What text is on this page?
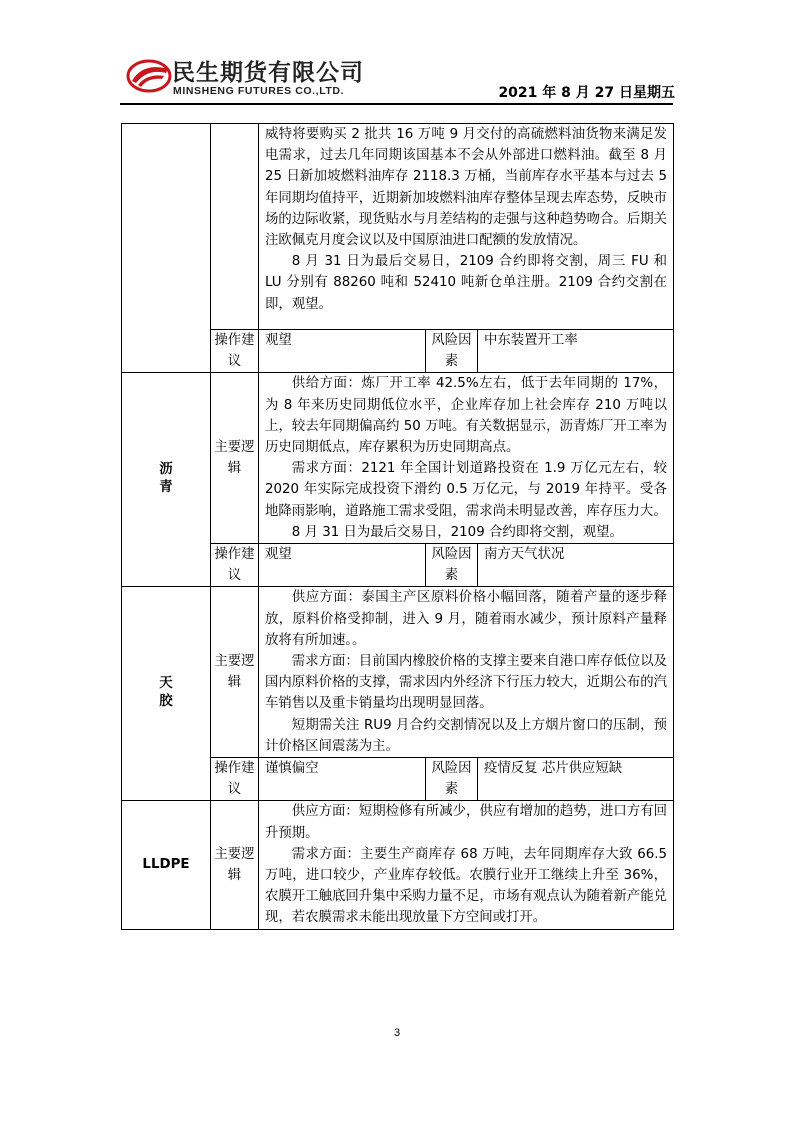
民生期货有限公司
MINSHENG FUTURES CO.,LTD.	2021 年 8 月 27 日星期五

		威特将要购买 2 批共 16 万吨 9 月交付的高硫燃料油货物来满足发电需求，过去几年同期该国基本不会从外部进口燃料油。截至 8 月 25 日新加坡燃料油库存 2118.3 万桶，当前库存水平基本与过去 5 年同期均值持平，近期新加坡燃料油库存整体呈现去库态势，反映市场的边际收紧，现货贴水与月差结构的走强与这种趋势吻合。后期关注欧佩克月度会议以及中国原油进口配额的发放情况。

8 月 31 日为最后交易日，2109 合约即将交割，周三 FU 和 LU 分别有 88260 吨和 52410 吨新仓单注册。2109 合约交割在即，观望。		

	操作建议	观望	风险因素	中东装置开工率
沥青	主要逻辑	供给方面：炼厂开工率 42.5%左右，低于去年同期的 17%，为 8 年来历史同期低位水平，企业库存加上社会库存 210 万吨以上，较去年同期偏高约 50 万吨。有关数据显示，沥青炼厂开工率为历史同期低点，库存累积为历史同期高点。

需求方面：2121 年全国计划道路投资在 1.9 万亿元左右，较 2020 年实际完成投资下滑约 0.5 万亿元，与 2019 年持平。受各地降雨影响，道路施工需求受阻，需求尚未明显改善，库存压力大。

8 月 31 日为最后交易日，2109 合约即将交割，观望。		

	操作建议	观望	风险因素	南方天气状况
天胶	主要逻辑	供应方面：泰国主产区原料价格小幅回落，随着产量的逐步释放，原料价格受抑制，进入 9 月，随着雨水减少，预计原料产量释放将有所加速。。

需求方面：目前国内橡胶价格的支撑主要来自港口库存低位以及国内原料价格的支撑，需求因内外经济下行压力较大，近期公布的汽车销售以及重卡销量均出现明显回落。

短期需关注 RU9 月合约交割情况以及上方烟片窗口的压制，预计价格区间震荡为主。		

	操作建议	谨慎偏空	风险因素	疫情反复 芯片供应短缺
LLDPE	主要逻辑	供应方面：短期检修有所减少，供应有增加的趋势，进口方有回升预期。

需求方面：主要生产商库存 68 万吨，去年同期库存大致 66.5 万吨，进口较少，产业库存较低。农膜行业开工继续上升至 36%，农膜开工触底回升集中采购力量不足，市场有观点认为随着新产能兑现，若农膜需求未能出现放量下方空间或打开。		

3
